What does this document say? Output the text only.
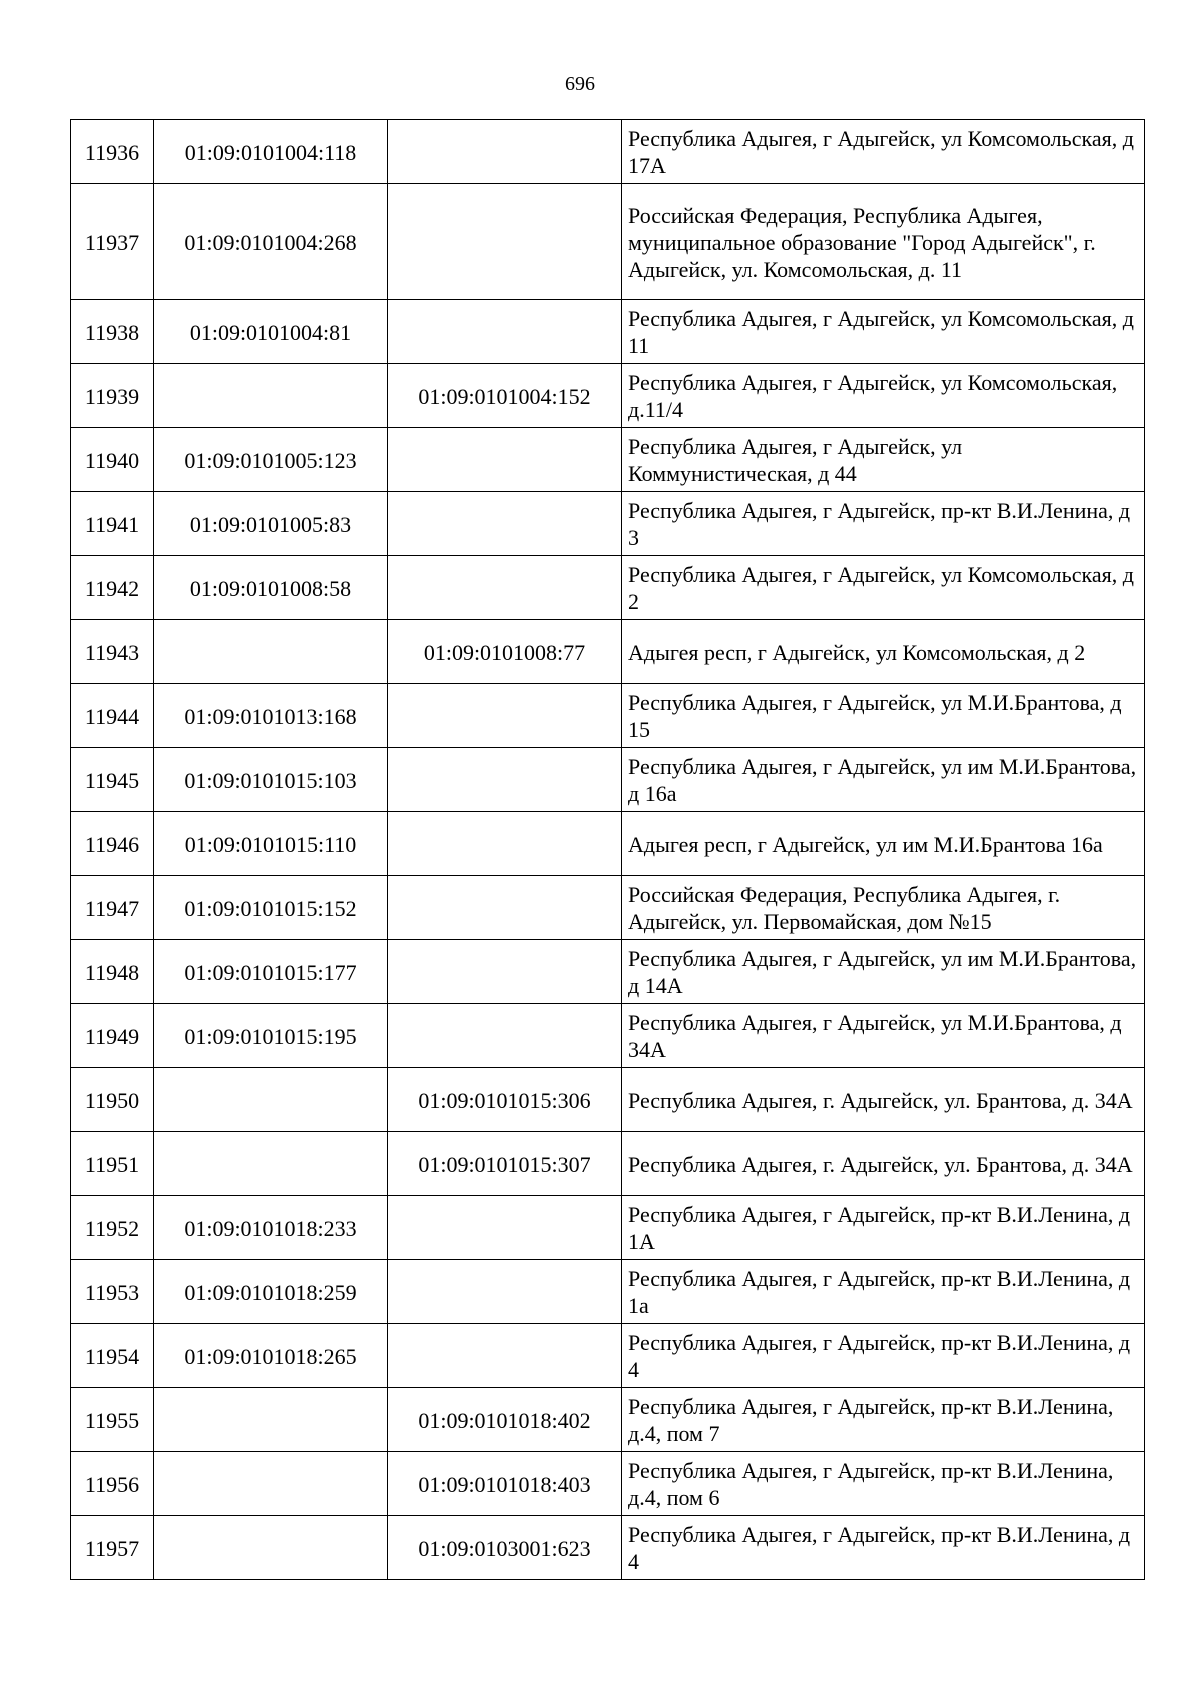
696
11936	01:09:0101004:118		Республика Адыгея, г Адыгейск, ул Комсомольская, д 17А
11937	01:09:0101004:268		Российская Федерация, Республика Адыгея, муниципальное образование "Город Адыгейск", г. Адыгейск, ул. Комсомольская, д. 11
11938	01:09:0101004:81		Республика Адыгея, г Адыгейск, ул Комсомольская, д 11
11939		01:09:0101004:152	Республика Адыгея, г Адыгейск, ул Комсомольская, д.11/4
11940	01:09:0101005:123		Республика Адыгея, г Адыгейск, ул Коммунистическая, д 44
11941	01:09:0101005:83		Республика Адыгея, г Адыгейск, пр-кт В.И.Ленина, д 3
11942	01:09:0101008:58		Республика Адыгея, г Адыгейск, ул Комсомольская, д 2
11943		01:09:0101008:77	Адыгея респ, г Адыгейск, ул Комсомольская, д 2
11944	01:09:0101013:168		Республика Адыгея, г Адыгейск, ул М.И.Брантова, д 15
11945	01:09:0101015:103		Республика Адыгея, г Адыгейск, ул им М.И.Брантова, д 16а
11946	01:09:0101015:110		Адыгея респ, г Адыгейск, ул им М.И.Брантова 16а
11947	01:09:0101015:152		Российская Федерация, Республика Адыгея, г. Адыгейск, ул. Первомайская, дом №15
11948	01:09:0101015:177		Республика Адыгея, г Адыгейск, ул им М.И.Брантова, д 14А
11949	01:09:0101015:195		Республика Адыгея, г Адыгейск, ул М.И.Брантова, д 34А
11950		01:09:0101015:306	Республика Адыгея, г. Адыгейск, ул. Брантова, д. 34А
11951		01:09:0101015:307	Республика Адыгея, г. Адыгейск, ул. Брантова, д. 34А
11952	01:09:0101018:233		Республика Адыгея, г Адыгейск, пр-кт В.И.Ленина, д 1А
11953	01:09:0101018:259		Республика Адыгея, г Адыгейск, пр-кт В.И.Ленина, д 1а
11954	01:09:0101018:265		Республика Адыгея, г Адыгейск, пр-кт В.И.Ленина, д 4
11955		01:09:0101018:402	Республика Адыгея, г Адыгейск, пр-кт В.И.Ленина, д.4, пом 7
11956		01:09:0101018:403	Республика Адыгея, г Адыгейск, пр-кт В.И.Ленина, д.4, пом 6
11957		01:09:0103001:623	Республика Адыгея, г Адыгейск, пр-кт В.И.Ленина, д 4
